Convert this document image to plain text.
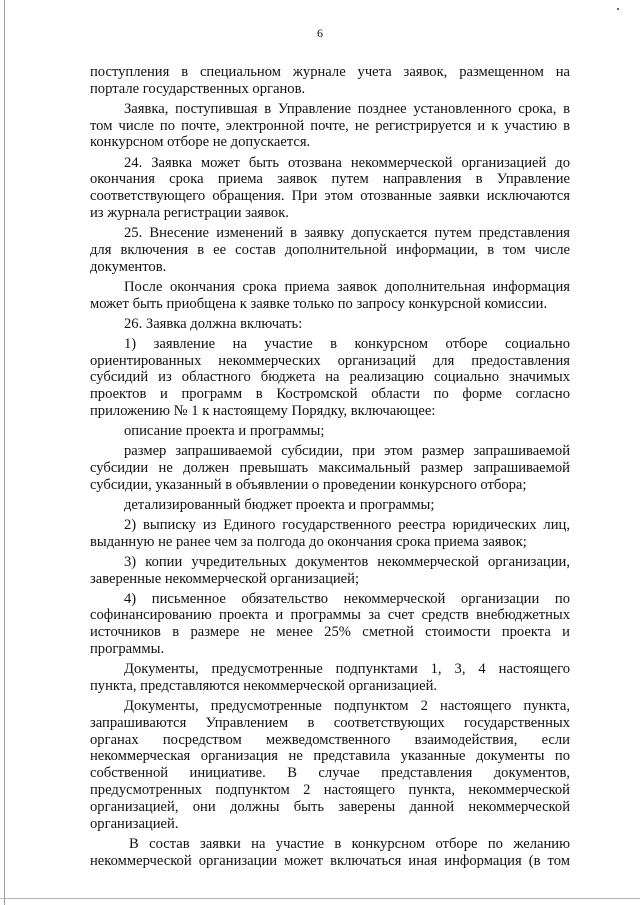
6
поступления в специальном журнале учета заявок, размещенном на
портале государственных органов.
Заявка, поступившая в Управление позднее установленного срока, в
том числе по почте, электронной почте, не регистрируется и к участию в
конкурсном отборе не допускается.
24. Заявка может быть отозвана некоммерческой организацией до
окончания срока приема заявок путем направления в Управление
соответствующего обращения. При этом отозванные заявки исключаются
из журнала регистрации заявок.
25. Внесение изменений в заявку допускается путем представления
для включения в ее состав дополнительной информации, в том числе
документов.
После окончания срока приема заявок дополнительная информация
может быть приобщена к заявке только по запросу конкурсной комиссии.
26. Заявка должна включать:
1) заявление на участие в конкурсном отборе социально
ориентированных некоммерческих организаций для предоставления
субсидий из областного бюджета на реализацию социально значимых
проектов и программ в Костромской области по форме согласно
приложению № 1 к настоящему Порядку, включающее:
описание проекта и программы;
размер запрашиваемой субсидии, при этом размер запрашиваемой
субсидии не должен превышать максимальный размер запрашиваемой
субсидии, указанный в объявлении о проведении конкурсного отбора;
детализированный бюджет проекта и программы;
2) выписку из Единого государственного реестра юридических лиц,
выданную не ранее чем за полгода до окончания срока приема заявок;
3) копии учредительных документов некоммерческой организации,
заверенные некоммерческой организацией;
4) письменное обязательство некоммерческой организации по
софинансированию проекта и программы за счет средств внебюджетных
источников в размере не менее 25% сметной стоимости проекта и
программы.
Документы, предусмотренные подпунктами 1, 3, 4 настоящего
пункта, представляются некоммерческой организацией.
Документы, предусмотренные подпунктом 2 настоящего пункта,
запрашиваются Управлением в соответствующих государственных
органах посредством межведомственного взаимодействия, если
некоммерческая организация не представила указанные документы по
собственной инициативе. В случае представления документов,
предусмотренных подпунктом 2 настоящего пункта, некоммерческой
организацией, они должны быть заверены данной некоммерческой
организацией.
В состав заявки на участие в конкурсном отборе по желанию
некоммерческой организации может включаться иная информация (в том
